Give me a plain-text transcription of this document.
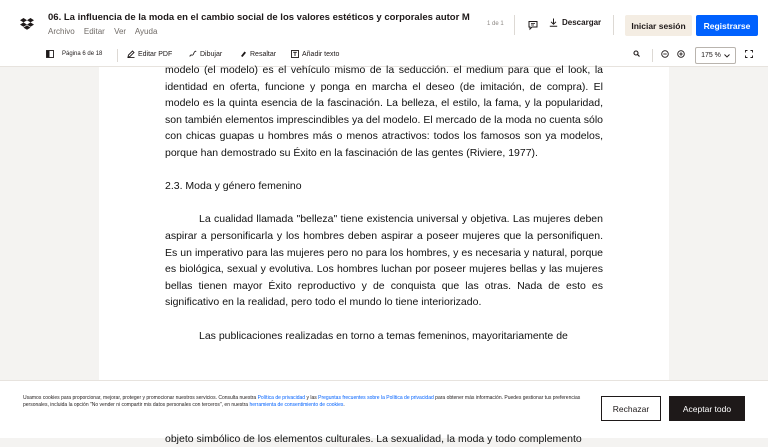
06. La influencia de la moda en el cambio social de los valores estéticos y corporales autor M
Archivo Editar Ver Ayuda
1 de 1	Descargar	Iniciar sesión	Registrarse
Página 6 de 18	Editar PDF	Dibujar	Resaltar	Añadir texto	175 %

modelo (el modelo) es el vehículo mismo de la seducción. el medium para que el look, la identidad en oferta, funcione y ponga en marcha el deseo (de imitación, de compra). El modelo es la quinta esencia de la fascinación. La belleza, el estilo, la fama, y la popularidad, son también elementos imprescindibles ya del modelo. El mercado de la moda no cuenta sólo con chicas guapas u hombres más o menos atractivos: todos los famosos son ya modelos, porque han demostrado su Éxito en la fascinación de las gentes (Riviere, 1977).

2.3. Moda y género femenino

La cualidad llamada "belleza" tiene existencia universal y objetiva. Las mujeres deben aspirar a personificarla y los hombres deben aspirar a poseer mujeres que la personifiquen. Es un imperativo para las mujeres pero no para los hombres, y es necesaria y natural, porque es biológica, sexual y evolutiva. Los hombres luchan por poseer mujeres bellas y las mujeres bellas tienen mayor Éxito reproductivo y de conquista que las otras. Nada de esto es significativo en la realidad, pero todo el mundo lo tiene interiorizado.

Las publicaciones realizadas en torno a temas femeninos, mayoritariamente de

Usamos cookies para proporcionar, mejorar, proteger y promocionar nuestros servicios. Consulta nuestra Política de privacidad y las Preguntas frecuentes sobre la Política de privacidad para obtener más información. Puedes gestionar tus preferencias personales, incluida la opción "No vender ni compartir mis datos personales con terceros", en nuestra herramienta de consentimiento de cookies.	Rechazar	Aceptar todo
objeto simbólico de los elementos culturales. La sexualidad, la moda y todo complemento
